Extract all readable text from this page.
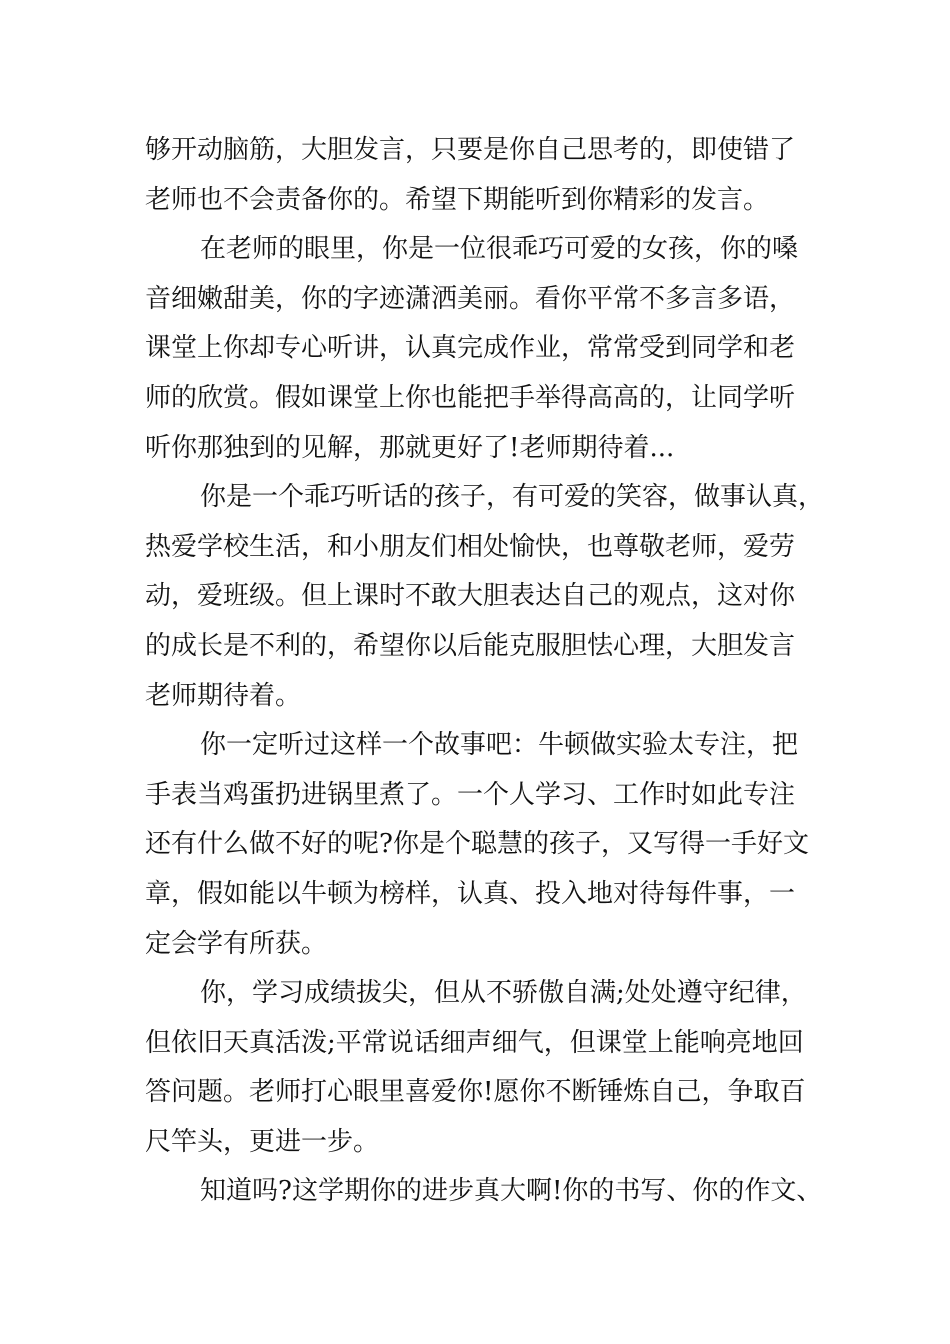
够开动脑筋，大胆发言，只要是你自己思考的，即使错了
老师也不会责备你的。希望下期能听到你精彩的发言。
在老师的眼里，你是一位很乖巧可爱的女孩，你的嗓
音细嫩甜美，你的字迹潇洒美丽。看你平常不多言多语，
课堂上你却专心听讲，认真完成作业，常常受到同学和老
师的欣赏。假如课堂上你也能把手举得高高的，让同学听
听你那独到的见解，那就更好了!老师期待着...
你是一个乖巧听话的孩子，有可爱的笑容，做事认真，
热爱学校生活，和小朋友们相处愉快，也尊敬老师，爱劳
动，爱班级。但上课时不敢大胆表达自己的观点，这对你
的成长是不利的，希望你以后能克服胆怯心理，大胆发言
老师期待着。
你一定听过这样一个故事吧：牛顿做实验太专注，把
手表当鸡蛋扔进锅里煮了。一个人学习、工作时如此专注
还有什么做不好的呢?你是个聪慧的孩子，又写得一手好文
章，假如能以牛顿为榜样，认真、投入地对待每件事，一
定会学有所获。
你，学习成绩拔尖，但从不骄傲自满;处处遵守纪律，
但依旧天真活泼;平常说话细声细气，但课堂上能响亮地回
答问题。老师打心眼里喜爱你!愿你不断锤炼自己，争取百
尺竿头，更进一步。
知道吗?这学期你的进步真大啊!你的书写、你的作文、
